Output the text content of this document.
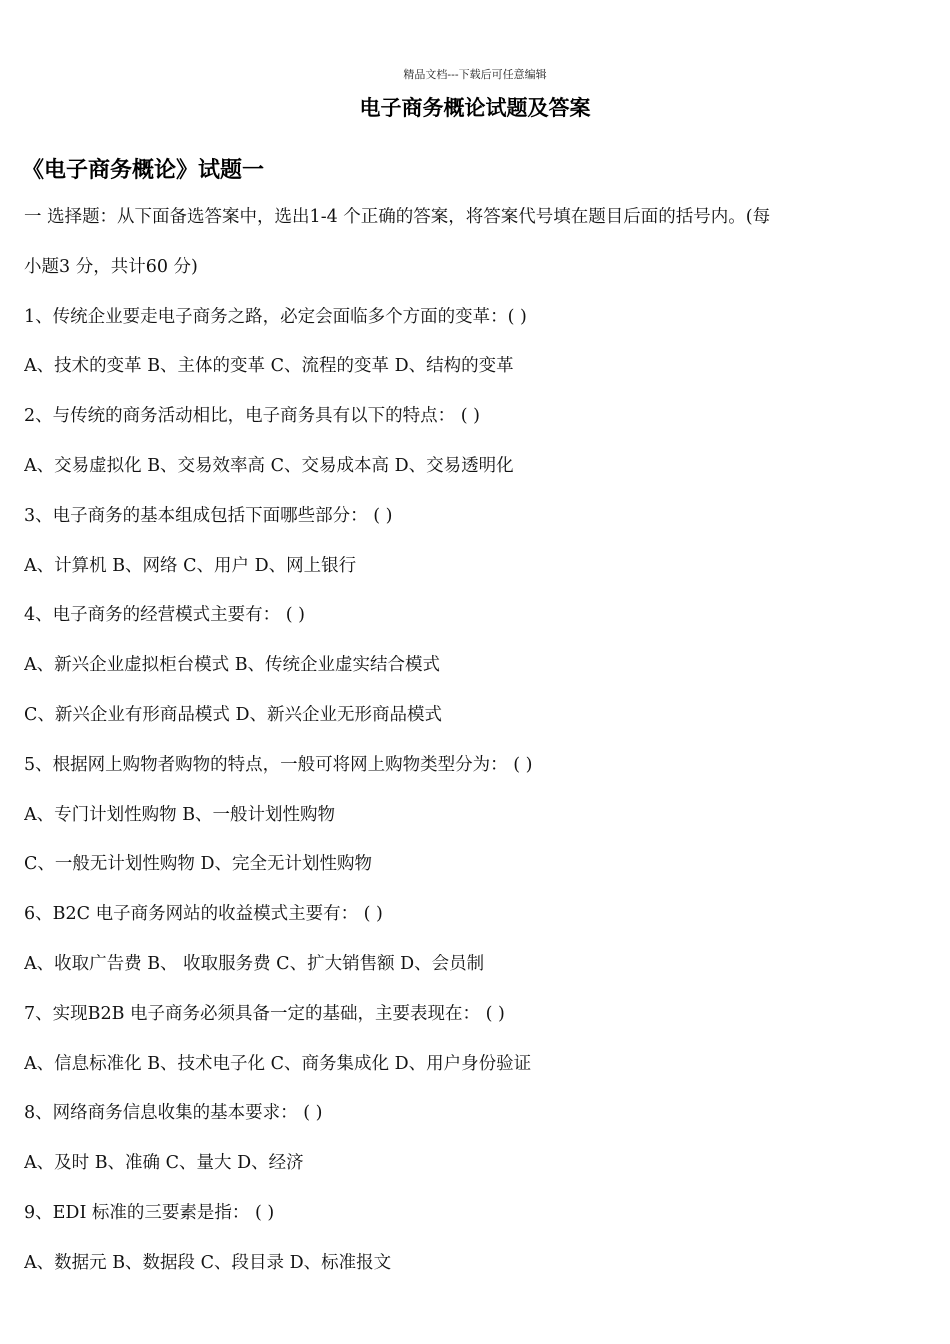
精品文档---下载后可任意编辑
电子商务概论试题及答案
《电子商务概论》试题一
一 选择题：从下面备选答案中，选出1-4 个正确的答案，将答案代号填在题目后面的括号内。(每
小题3 分，共计60 分)
1、传统企业要走电子商务之路，必定会面临多个方面的变革：( )
A、技术的变革 B、主体的变革 C、流程的变革 D、结构的变革
2、与传统的商务活动相比，电子商务具有以下的特点： ( )
A、交易虚拟化 B、交易效率高 C、交易成本高 D、交易透明化
3、电子商务的基本组成包括下面哪些部分： ( )
A、计算机 B、网络 C、用户 D、网上银行
4、电子商务的经营模式主要有： ( )
A、新兴企业虚拟柜台模式 B、传统企业虚实结合模式
C、新兴企业有形商品模式 D、新兴企业无形商品模式
5、根据网上购物者购物的特点，一般可将网上购物类型分为： ( )
A、专门计划性购物 B、一般计划性购物
C、一般无计划性购物 D、完全无计划性购物
6、B2C 电子商务网站的收益模式主要有： ( )
A、收取广告费 B、 收取服务费 C、扩大销售额 D、会员制
7、实现B2B 电子商务必须具备一定的基础，主要表现在： ( )
A、信息标准化 B、技术电子化 C、商务集成化 D、用户身份验证
8、网络商务信息收集的基本要求： ( )
A、及时 B、准确 C、量大 D、经济
9、EDI 标准的三要素是指： ( )
A、数据元 B、数据段 C、段目录 D、标准报文
